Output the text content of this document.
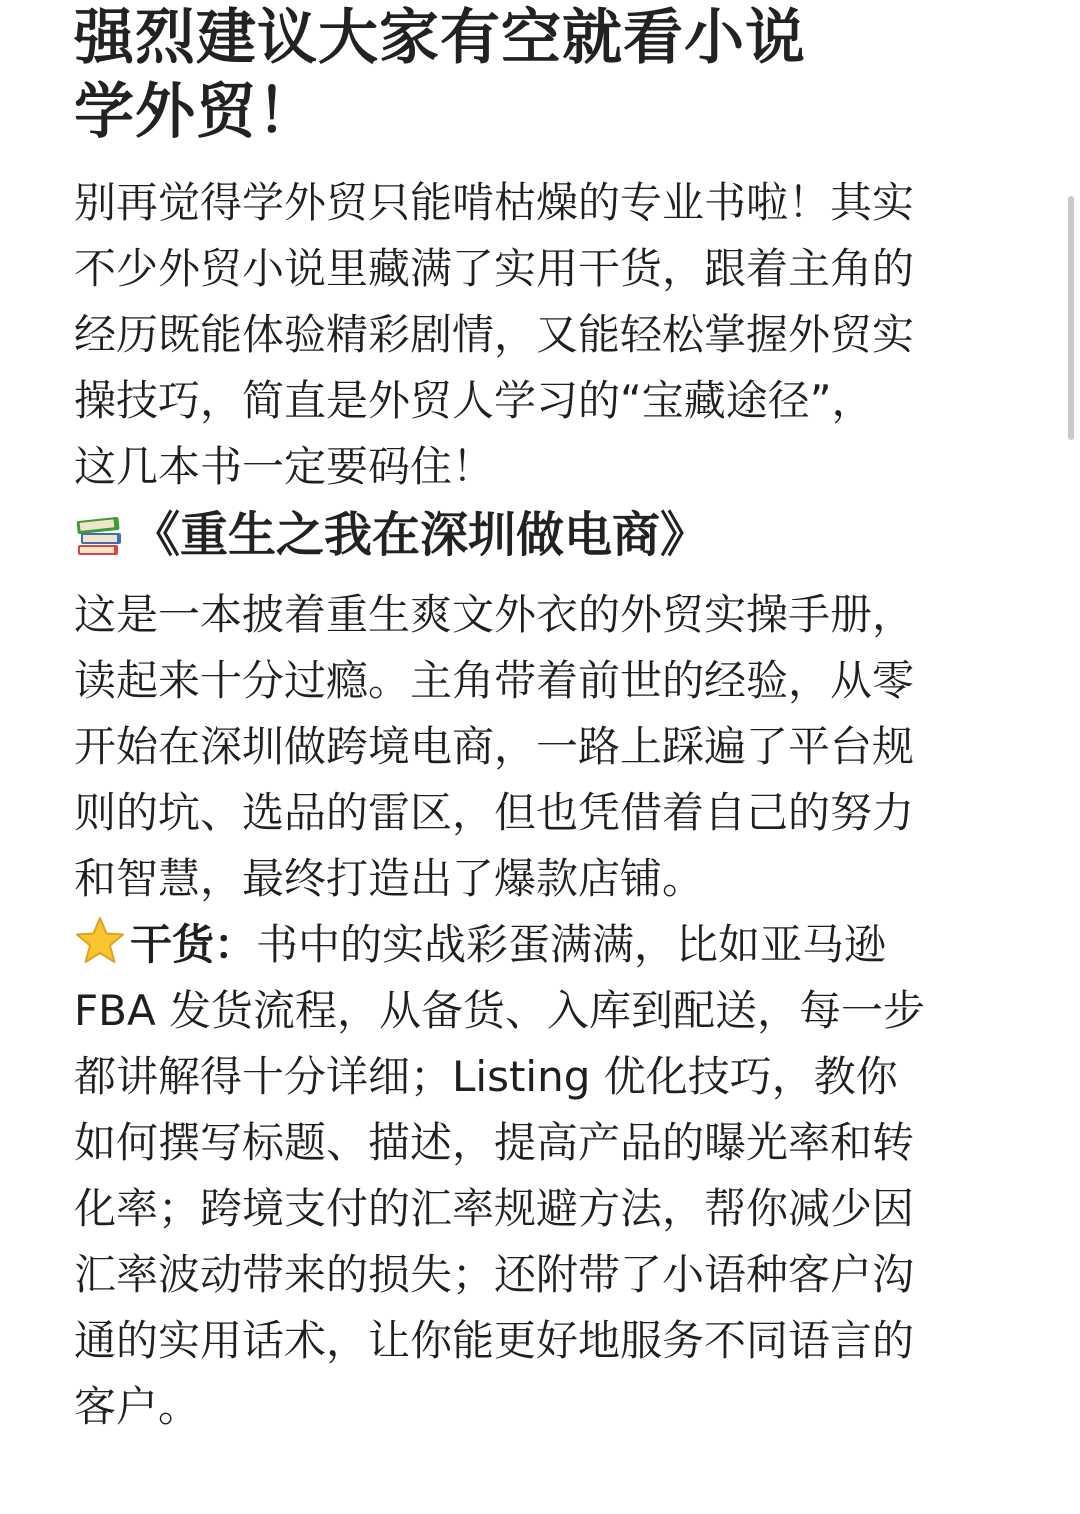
强烈建议大家有空就看小说
学外贸！

别再觉得学外贸只能啃枯燥的专业书啦！其实
不少外贸小说里藏满了实用干货，跟着主角的
经历既能体验精彩剧情，又能轻松掌握外贸实
操技巧，简直是外贸人学习的“宝藏途径”，
这几本书一定要码住！

《重生之我在深圳做电商》

这是一本披着重生爽文外衣的外贸实操手册，
读起来十分过瘾。主角带着前世的经验，从零
开始在深圳做跨境电商，一路上踩遍了平台规
则的坑、选品的雷区，但也凭借着自己的努力
和智慧，最终打造出了爆款店铺。

干货：书中的实战彩蛋满满，比如亚马逊
FBA 发货流程，从备货、入库到配送，每一步
都讲解得十分详细；Listing 优化技巧，教你
如何撰写标题、描述，提高产品的曝光率和转
化率；跨境支付的汇率规避方法，帮你减少因
汇率波动带来的损失；还附带了小语种客户沟
通的实用话术，让你能更好地服务不同语言的
客户。
